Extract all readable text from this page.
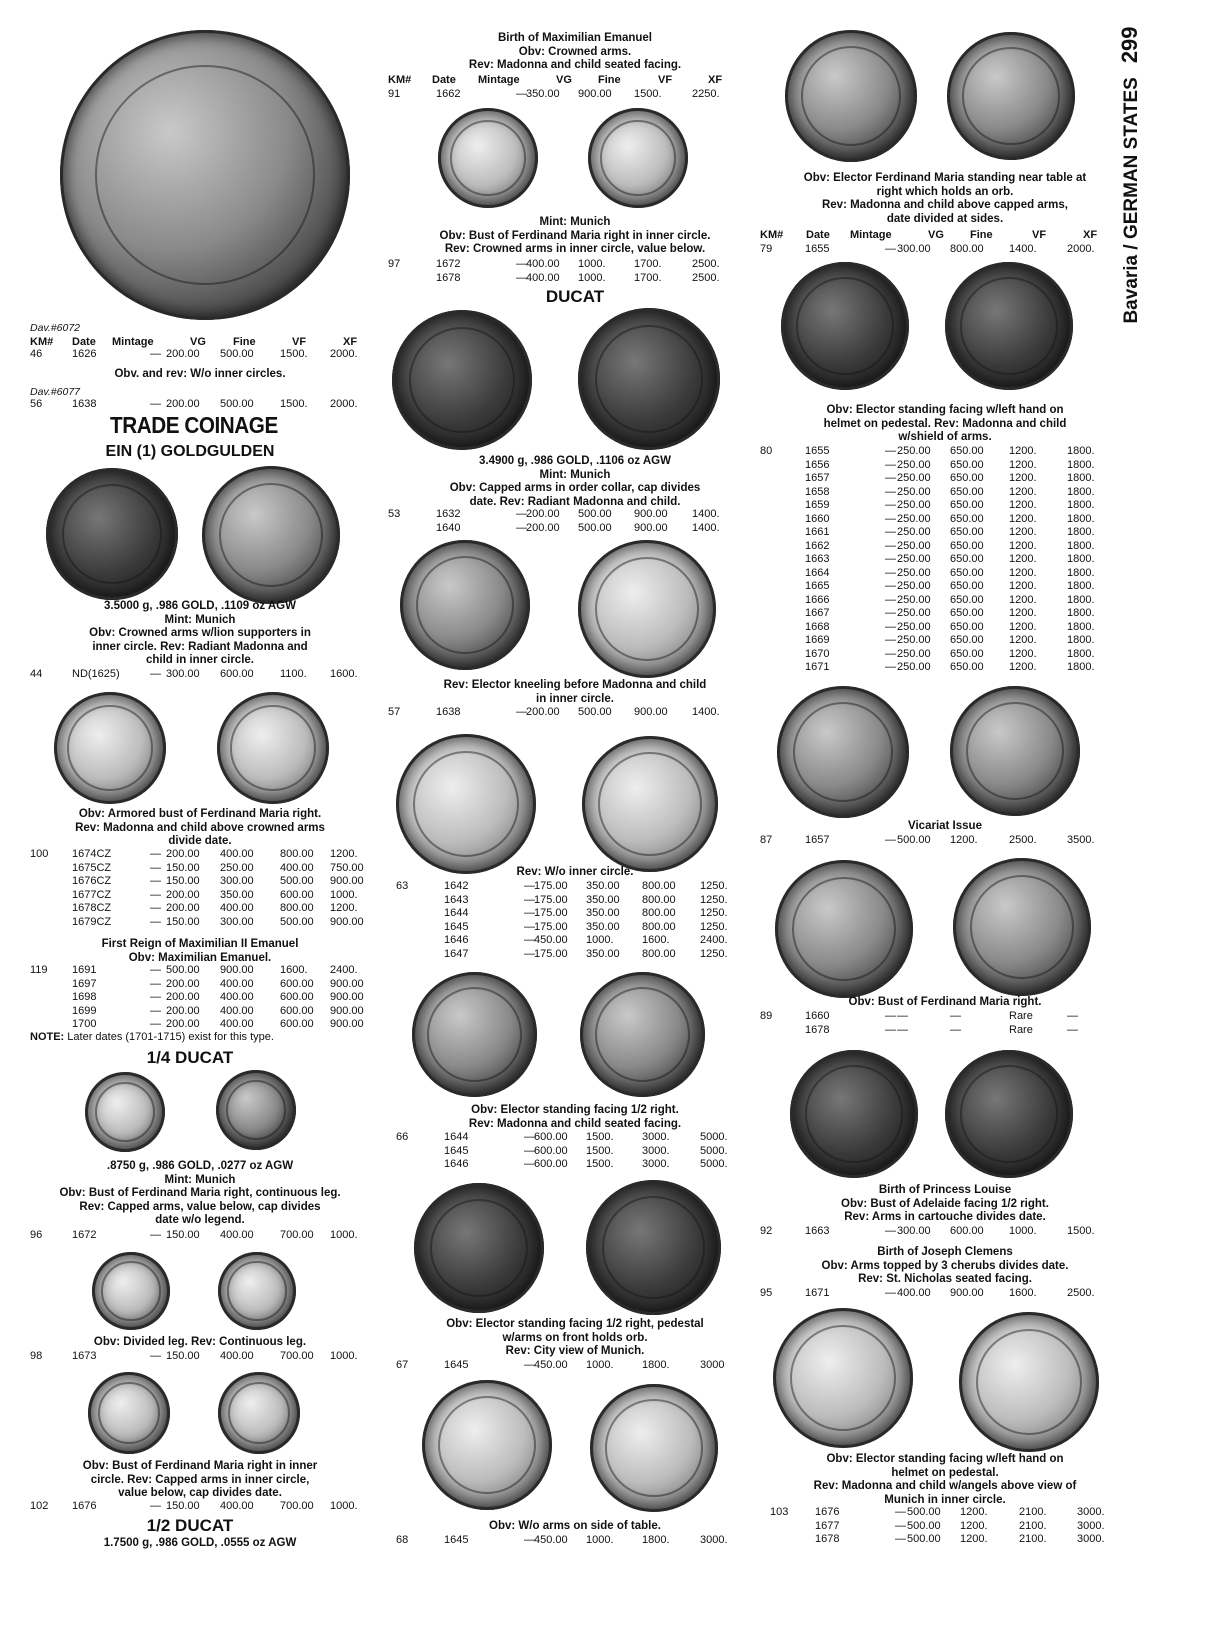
Bavaria / GERMAN STATES299
Dav.#6072
KM# Date Mintage	VG Fine	VF	XF
46	1626	— 200.00 500.00 1500. 2000.
Obv. and rev: W/o inner circles.
Dav.#6077
56	1638	— 200.00 500.00 1500. 2000.
TRADE COINAGE
EIN (1) GOLDGULDEN
3.5000 g, .986 GOLD, .1109 oz AGW
Mint: Munich
Obv: Crowned arms w/lion supporters in
inner circle. Rev: Radiant Madonna and
child in inner circle.
44	ND(1625)	— 300.00 600.00 1100. 1600.
Obv: Armored bust of Ferdinand Maria right.
Rev: Madonna and child above crowned arms
divide date.
First Reign of Maximilian II Emanuel
Obv: Maximilian Emanuel.
NOTE: Later dates (1701-1715) exist for this type.
1/4 DUCAT
.8750 g, .986 GOLD, .0277 oz AGW
Mint: Munich
Obv: Bust of Ferdinand Maria right, continuous leg.
Rev: Capped arms, value below, cap divides
date w/o legend.
96	1672	— 150.00 400.00 700.00 1000.
Obv: Divided leg. Rev: Continuous leg.
98	1673	— 150.00 400.00 700.00 1000.
Obv: Bust of Ferdinand Maria right in inner
circle. Rev: Capped arms in inner circle,
value below, cap divides date.
102 1676	— 150.00 400.00 700.00 1000.
1/2 DUCAT
1.7500 g, .986 GOLD, .0555 oz AGW
100 1674CZ	— 200.00 400.00 800.00 1200.
1675CZ	— 150.00 250.00 400.00 750.00
1676CZ	— 150.00 300.00 500.00 900.00
1677CZ	— 200.00 350.00 600.00 1000.
1678CZ	— 200.00 400.00 800.00 1200.
1679CZ	— 150.00 300.00 500.00 900.00
119 1691	— 500.00 900.00 1600. 2400.
1697	— 200.00 400.00 600.00 900.00
1698	— 200.00 400.00 600.00 900.00
1699	— 200.00 400.00 600.00 900.00
1700	— 200.00 400.00 600.00 900.00
Birth of Maximilian Emanuel
Obv: Crowned arms.
Rev: Madonna and child seated facing.
KM# Date Mintage	VG Fine	VF	XF
91	1662	— 350.00 900.00 1500.	2250.
Mint: Munich
Obv: Bust of Ferdinand Maria right in inner circle.
Rev: Crowned arms in inner circle, value below.
DUCAT
3.4900 g, .986 GOLD, .1106 oz AGW
Mint: Munich
Obv: Capped arms in order collar, cap divides
date. Rev: Radiant Madonna and child.
Rev: Elector kneeling before Madonna and child
in inner circle.
57	1638	— 200.00 500.00 900.00 1400.
Rev: W/o inner circle.
Obv: Elector standing facing 1/2 right.
Rev: Madonna and child seated facing.
Obv: Elector standing facing 1/2 right, pedestal
w/arms on front holds orb.
Rev: City view of Munich.
67	1645	— 450.00 1000.	1800.	3000
Obv: W/o arms on side of table.
68	1645	— 450.00 1000.	1800.	3000.
97	1672	— 400.00 1000.	1700.	2500.
1678	— 400.00 1000.	1700.	2500.
53	1632	— 200.00 500.00 900.00 1400.
1640	— 200.00 500.00 900.00 1400.
63	1642	— 175.00 350.00 800.00 1250.
1643	— 175.00 350.00 800.00 1250.
1644	— 175.00 350.00 800.00 1250.
1645	— 175.00 350.00 800.00 1250.
1646	— 450.00 1000.	1600.	2400.
1647	— 175.00 350.00 800.00 1250.
66	1644	— 600.00 1500.	3000.	5000.
1645	— 600.00 1500.	3000.	5000.
1646	— 600.00 1500.	3000.	5000.
Obv: Elector Ferdinand Maria standing near table at
right which holds an orb.
Rev: Madonna and child above capped arms,
date divided at sides.
KM# Date Mintage	VG Fine	VF	XF
79	1655	— 300.00 800.00 1400.	2000.
Obv: Elector standing facing w/left hand on
helmet on pedestal. Rev: Madonna and child
w/shield of arms.
Vicariat Issue
87	1657	— 500.00 1200.	2500.	3500.
Obv: Bust of Ferdinand Maria right.
Birth of Princess Louise
Obv: Bust of Adelaide facing 1/2 right.
Rev: Arms in cartouche divides date.
92	1663	— 300.00 600.00 1000.	1500.
Birth of Joseph Clemens
Obv: Arms topped by 3 cherubs divides date.
Rev: St. Nicholas seated facing.
95	1671	— 400.00 900.00 1600.	2500.
Obv: Elector standing facing w/left hand on
helmet on pedestal.
Rev: Madonna and child w/angels above view of
Munich in inner circle.
80	1655	— 250.00 650.00 1200.	1800.
1656	— 250.00 650.00 1200.	1800.
1657	— 250.00 650.00 1200.	1800.
1658	— 250.00 650.00 1200.	1800.
1659	— 250.00 650.00 1200.	1800.
1660	— 250.00 650.00 1200.	1800.
1661	— 250.00 650.00 1200.	1800.
1662	— 250.00 650.00 1200.	1800.
1663	— 250.00 650.00 1200.	1800.
1664	— 250.00 650.00 1200.	1800.
1665	— 250.00 650.00 1200.	1800.
1666	— 250.00 650.00 1200.	1800.
1667	— 250.00 650.00 1200.	1800.
1668	— 250.00 650.00 1200.	1800.
1669	— 250.00 650.00 1200.	1800.
1670	— 250.00 650.00 1200.	1800.
1671	— 250.00 650.00 1200.	1800.
89	1660	— —	—	Rare	—
1678	— —	—	Rare	—
103 1676	— 500.00 1200.	2100.	3000.
1677	— 500.00 1200.	2100.	3000.
1678	— 500.00 1200.	2100.	3000.
